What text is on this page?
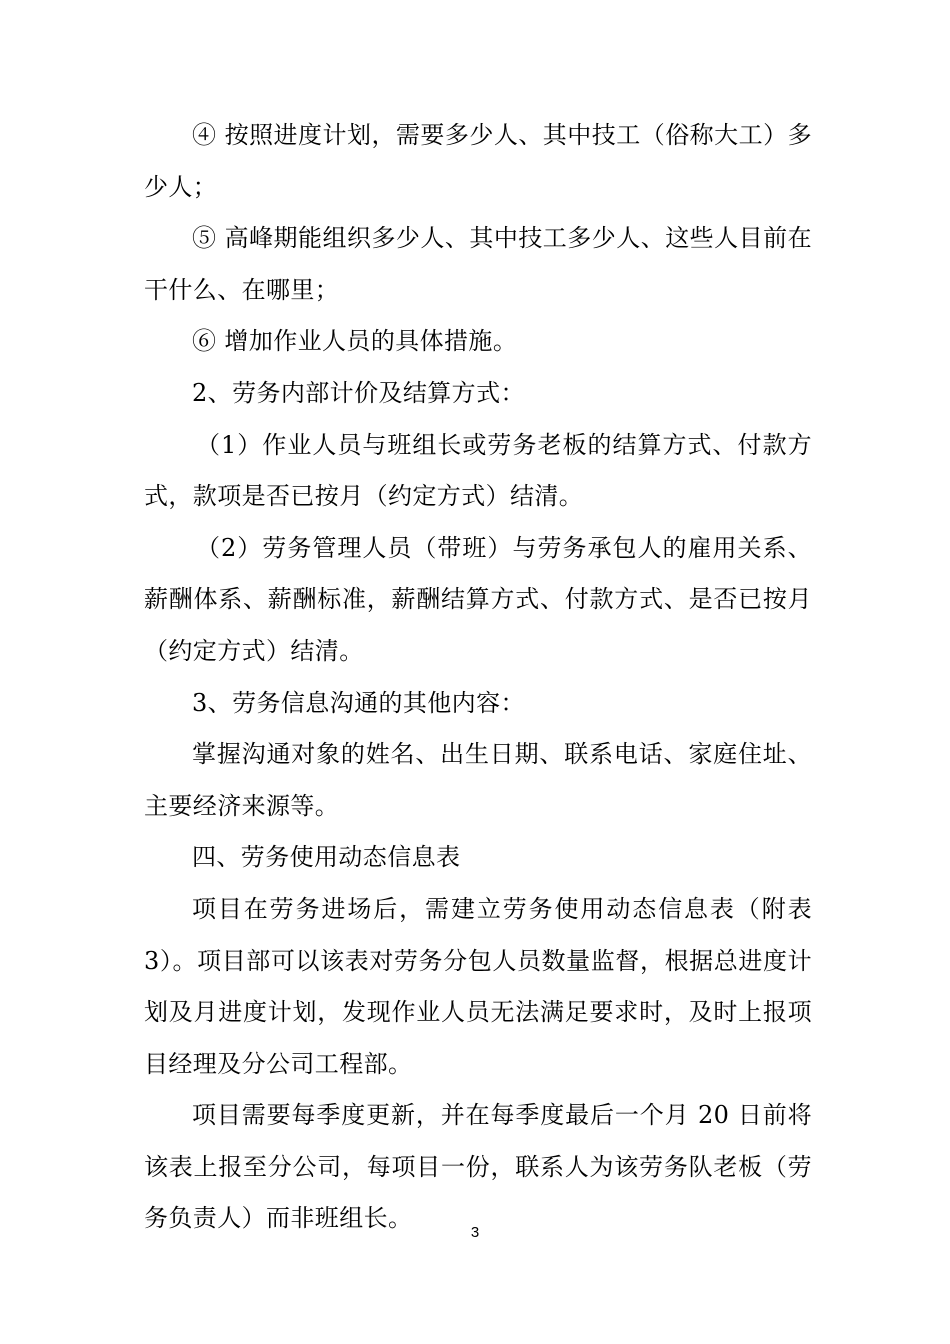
④ 按照进度计划，需要多少人、其中技工（俗称大工）多少人；

⑤ 高峰期能组织多少人、其中技工多少人、这些人目前在干什么、在哪里；

⑥ 增加作业人员的具体措施。

2、劳务内部计价及结算方式：

（1）作业人员与班组长或劳务老板的结算方式、付款方式，款项是否已按月（约定方式）结清。

（2）劳务管理人员（带班）与劳务承包人的雇用关系、薪酬体系、薪酬标准，薪酬结算方式、付款方式、是否已按月（约定方式）结清。

3、劳务信息沟通的其他内容：

掌握沟通对象的姓名、出生日期、联系电话、家庭住址、主要经济来源等。

四、劳务使用动态信息表

项目在劳务进场后，需建立劳务使用动态信息表（附表 3）。项目部可以该表对劳务分包人员数量监督，根据总进度计划及月进度计划，发现作业人员无法满足要求时，及时上报项目经理及分公司工程部。

项目需要每季度更新，并在每季度最后一个月 20 日前将该表上报至分公司，每项目一份，联系人为该劳务队老板（劳务负责人）而非班组长。

3
